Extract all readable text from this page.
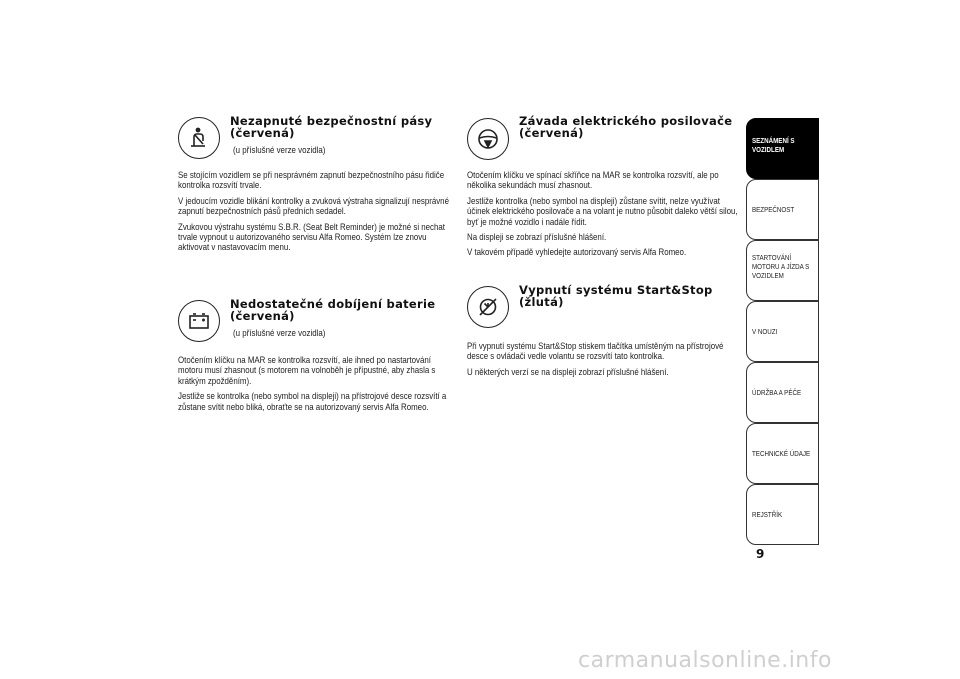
Nezapnuté bezpečnostní pásy (červená)
(u příslušné verze vozidla)

Se stojícím vozidlem se při nesprávném zapnutí bezpečnostního pásu řidiče kontrolka rozsvítí trvale.

V jedoucím vozidle blikání kontrolky a zvuková výstraha signalizují nesprávné zapnutí bezpečnostních pásů předních sedadel.

Zvukovou výstrahu systému S.B.R. (Seat Belt Reminder) je možné si nechat trvale vypnout u autorizovaného servisu Alfa Romeo. Systém lze znovu aktivovat v nastavovacím menu.

Nedostatečné dobíjení baterie (červená)
(u příslušné verze vozidla)

Otočením klíčku na MAR se kontrolka rozsvítí, ale ihned po nastartování motoru musí zhasnout (s motorem na volnoběh je přípustné, aby zhasla s krátkým zpožděním).

Jestliže se kontrolka (nebo symbol na displeji) na přístrojové desce rozsvítí a zůstane svítit nebo bliká, obraťte se na autorizovaný servis Alfa Romeo.

Závada elektrického posilovače (červená)

Otočením klíčku ve spínací skříňce na MAR se kontrolka rozsvítí, ale po několika sekundách musí zhasnout.

Jestliže kontrolka (nebo symbol na displeji) zůstane svítit, nelze využívat účinek elektrického posilovače a na volant je nutno působit daleko větší silou, byť je možné vozidlo i nadále řídit.

Na displeji se zobrazí příslušné hlášení.

V takovém případě vyhledejte autorizovaný servis Alfa Romeo.

Vypnutí systému Start&Stop (žlutá)

Při vypnutí systému Start&Stop stiskem tlačítka umístěným na přístrojové desce s ovládači vedle volantu se rozsvítí tato kontrolka.

U některých verzí se na displeji zobrazí příslušné hlášení.

SEZNÁMENÍ S VOZIDLEM
BEZPEČNOST
STARTOVÁNÍ MOTORU A JÍZDA S VOZIDLEM
V NOUZI
ÚDRŽBA A PÉČE
TECHNICKÉ ÚDAJE
REJSTŘÍK
9
carmanualsonline.info
